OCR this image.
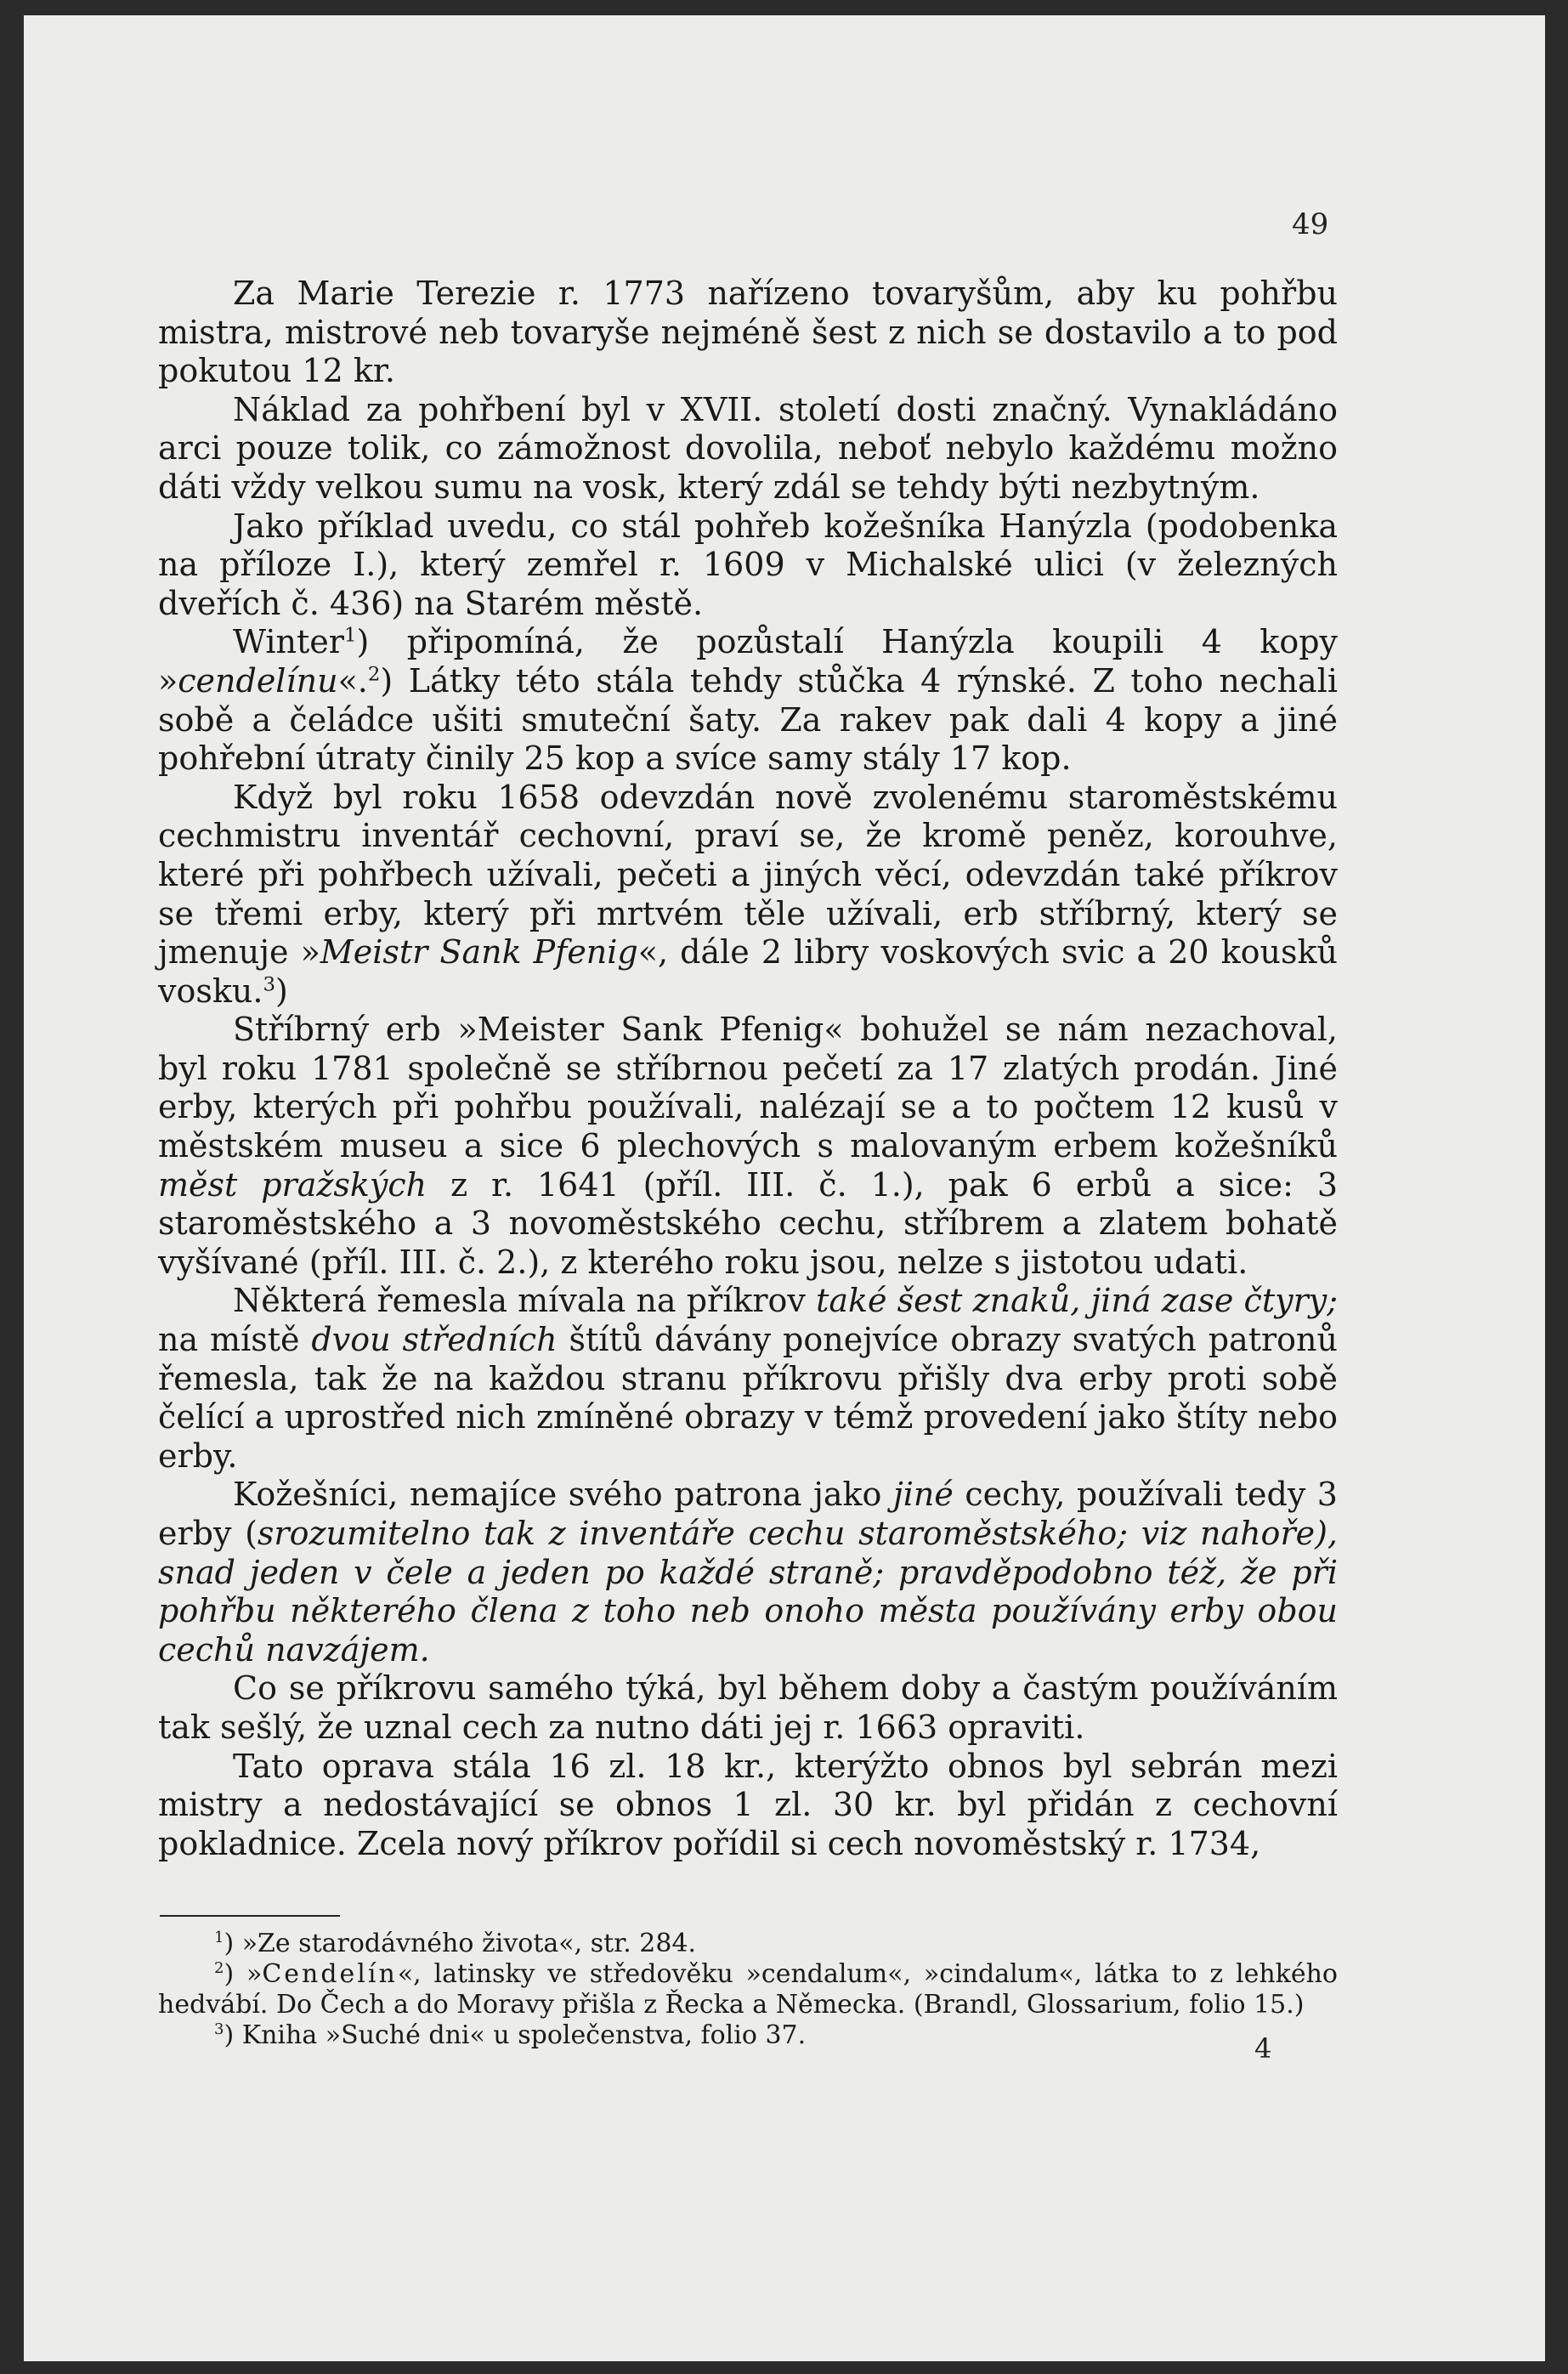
49

Za Marie Terezie r. 1773 nařízeno tovaryšům, aby ku pohřbu mistra, mistrové neb tovaryše nejméně šest z nich se dostavilo a to pod pokutou 12 kr.

Náklad za pohřbení byl v XVII. století dosti značný. Vynakládáno arci pouze tolik, co zámožnost dovolila, neboť nebylo každému možno dáti vždy velkou sumu na vosk, který zdál se tehdy býti nezbytným.

Jako příklad uvedu, co stál pohřeb kožešníka Hanýzla (podobenka na příloze I.), který zemřel r. 1609 v Michalské ulici (v železných dveřích č. 436) na Starém městě.

Winter$^1$) připomíná, že pozůstalí Hanýzla koupili 4 kopy »cendelínu«.$^2$) Látky této stála tehdy stůčka 4 rýnské. Z toho nechali sobě a čeládce ušiti smuteční šaty. Za rakev pak dali 4 kopy a jiné pohřební útraty činily 25 kop a svíce samy stály 17 kop.

Když byl roku 1658 odevzdán nově zvolenému staroměstskému cechmistru inventář cechovní, praví se, že kromě peněz, korouhve, které při pohřbech užívali, pečeti a jiných věcí, odevzdán také příkrov se třemi erby, který při mrtvém těle užívali, erb stříbrný, který se jmenuje »Meistr Sank Pfenig«, dále 2 libry voskových svic a 20 kousků vosku.$^3$)

Stříbrný erb »Meister Sank Pfenig« bohužel se nám nezachoval, byl roku 1781 společně se stříbrnou pečetí za 17 zlatých prodán. Jiné erby, kterých při pohřbu používali, nalézají se a to počtem 12 kusů v městském museu a sice 6 plechových s malovaným erbem kožešníků měst pražských z r. 1641 (příl. III. č. 1.), pak 6 erbů a sice: 3 staroměstského a 3 novoměstského cechu, stříbrem a zlatem bohatě vyšívané (příl. III. č. 2.), z kterého roku jsou, nelze s jistotou udati.

Některá řemesla mívala na příkrov také šest znaků, jiná zase čtyry; na místě dvou středních štítů dávány ponejvíce obrazy svatých patronů řemesla, tak že na každou stranu příkrovu přišly dva erby proti sobě čelící a uprostřed nich zmíněné obrazy v témž provedení jako štíty nebo erby.

Kožešníci, nemajíce svého patrona jako jiné cechy, používali tedy 3 erby (srozumitelno tak z inventáře cechu staroměstského; viz nahoře), snad jeden v čele a jeden po každé straně; pravděpodobno též, že při pohřbu některého člena z toho neb onoho města používány erby obou cechů navzájem.

Co se příkrovu samého týká, byl během doby a častým používáním tak sešlý, že uznal cech za nutno dáti jej r. 1663 opraviti.

Tato oprava stála 16 zl. 18 kr., kterýžto obnos byl sebrán mezi mistry a nedostávající se obnos 1 zl. 30 kr. byl přidán z cechovní pokladnice. Zcela nový příkrov pořídil si cech novoměstský r. 1734,

$^1$) »Ze starodávného života«, str. 284.

$^2$) »Cendelín«, latinsky ve středověku »cendalum«, »cindalum«, látka to z lehkého hedvábí. Do Čech a do Moravy přišla z Řecka a Německa. (Brandl, Glossarium, folio 15.)

$^3$) Kniha »Suché dni« u společenstva, folio 37.	4
